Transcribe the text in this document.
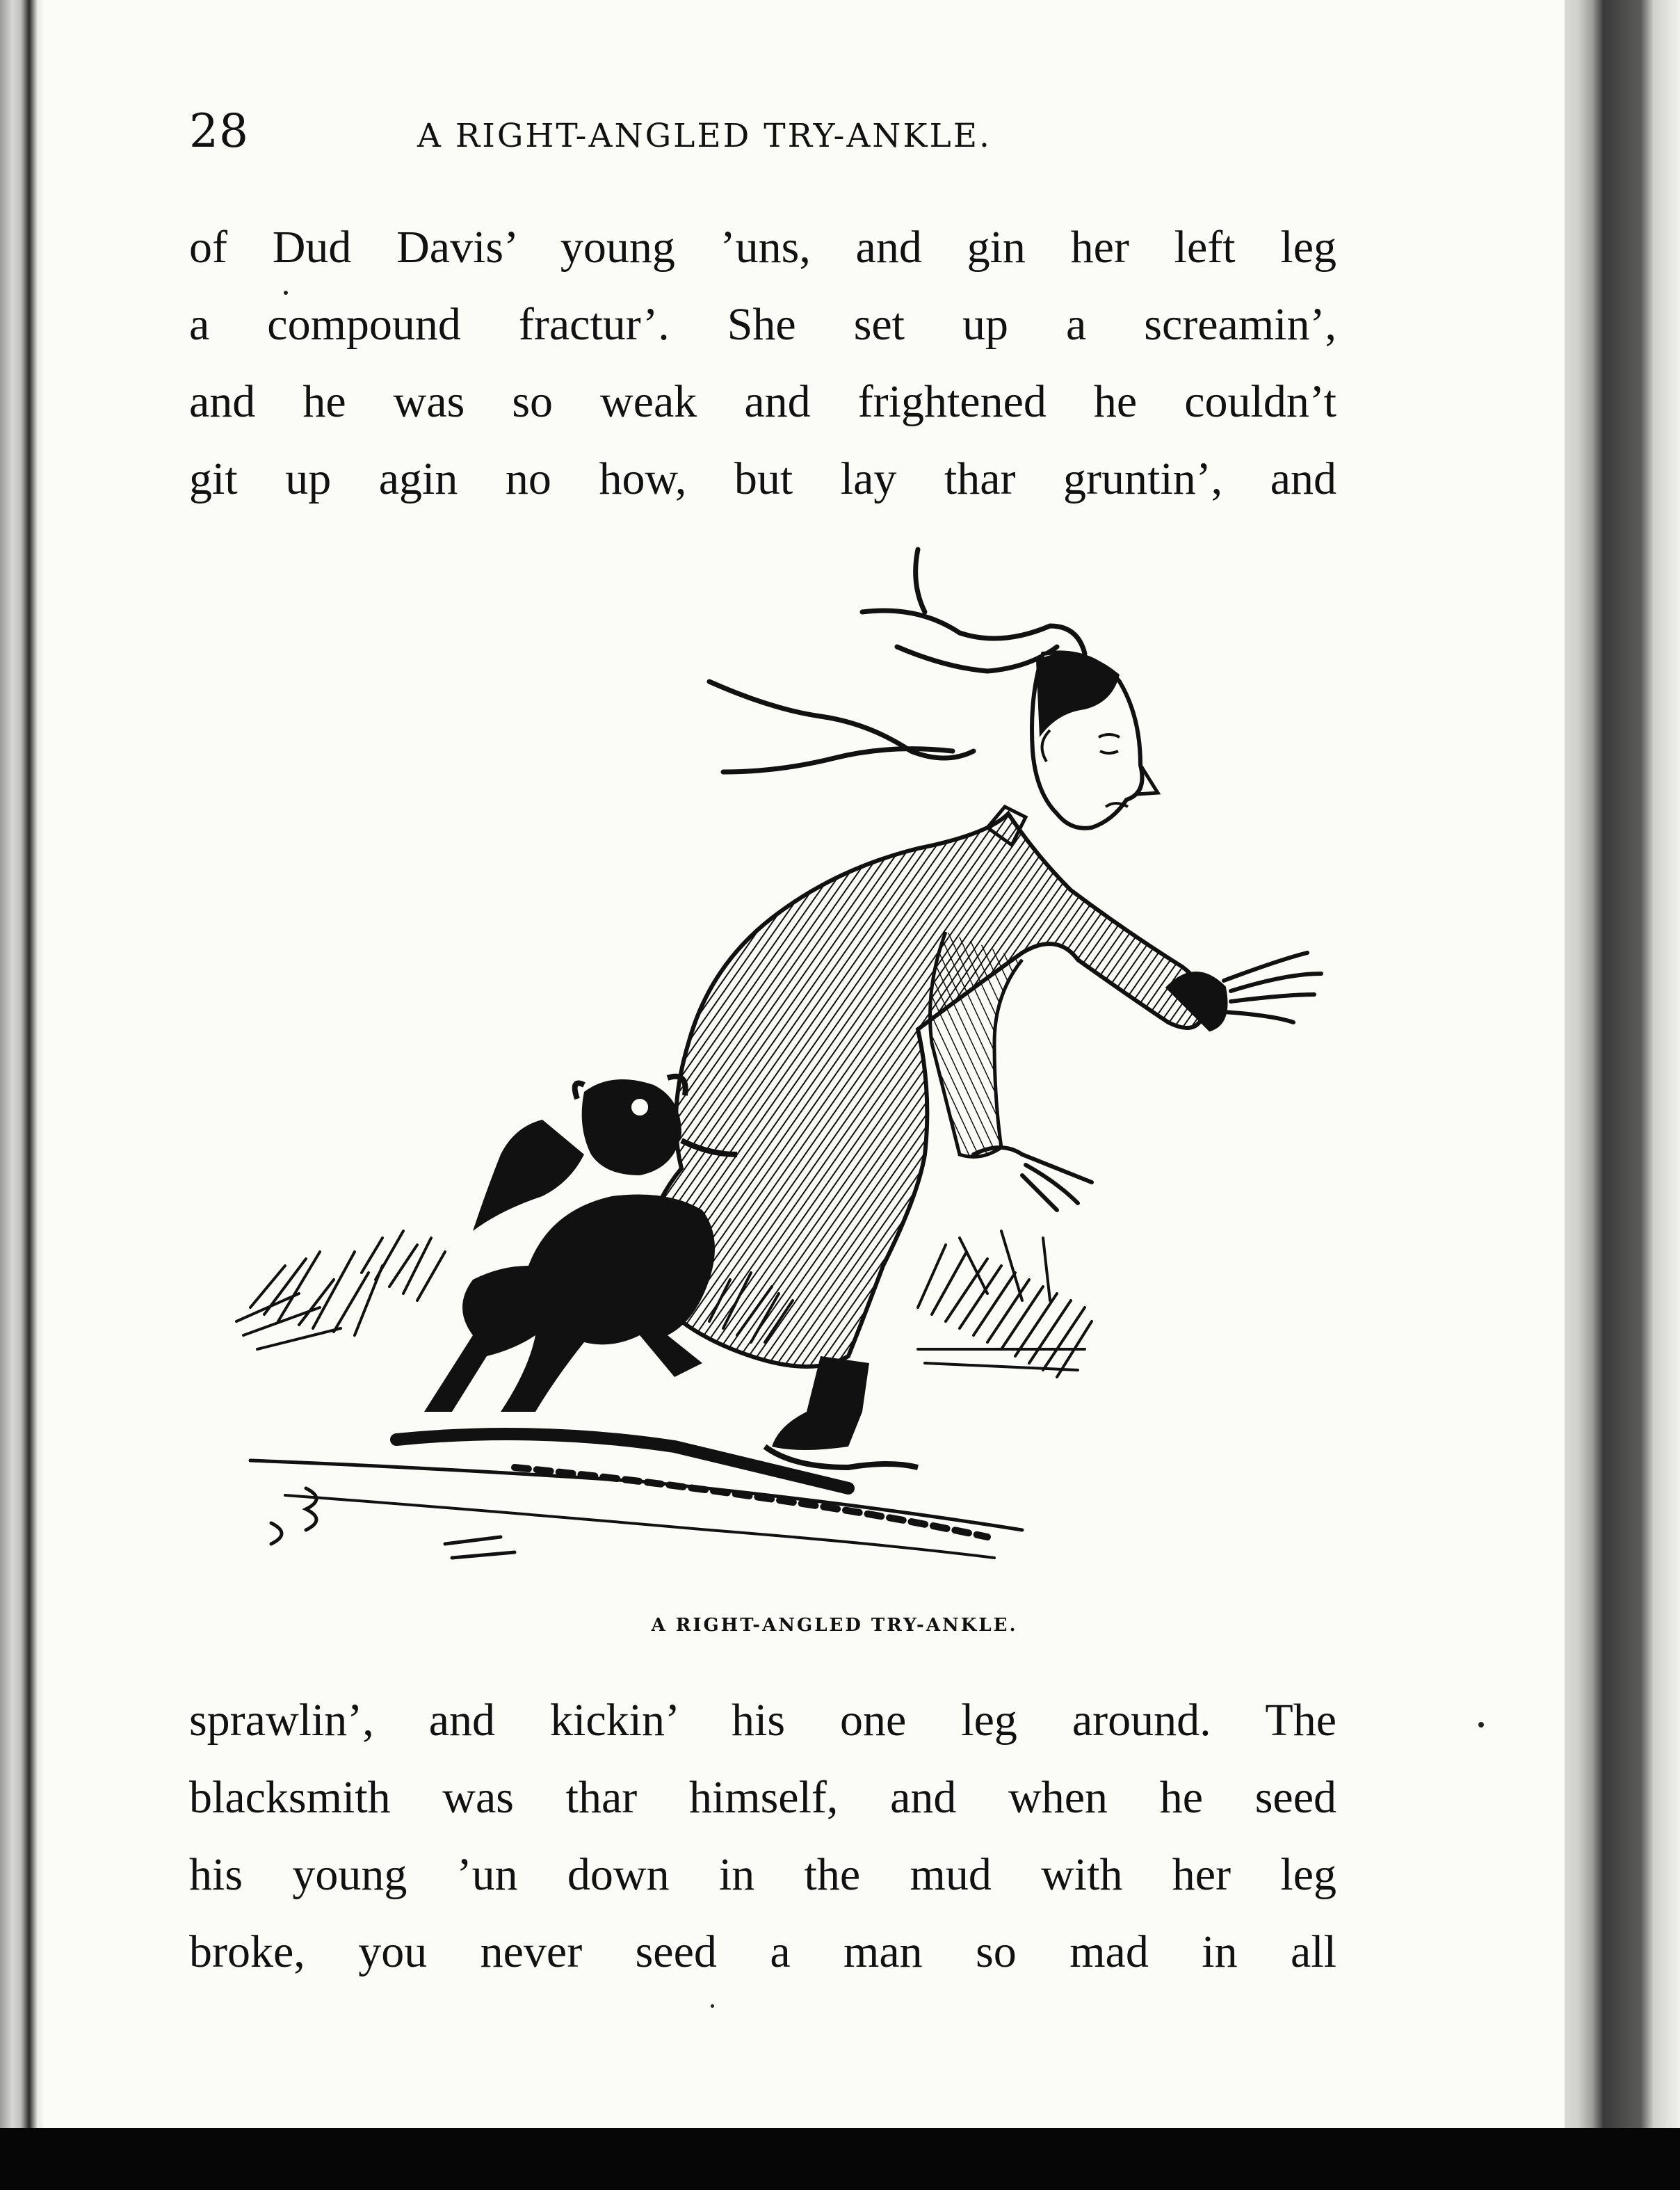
28	A RIGHT-ANGLED TRY-ANKLE.
of Dud Davis’ young ’uns, and gin her left leg
a compound fractur’. She set up a screamin’,
and he was so weak and frightened he couldn’t
git up agin no how, but lay thar gruntin’, and
A RIGHT-ANGLED TRY-ANKLE.
sprawlin’, and kickin’ his one leg around. The
blacksmith was thar himself, and when he seed
his young ’un down in the mud with her leg
broke, you never seed a man so mad in all
